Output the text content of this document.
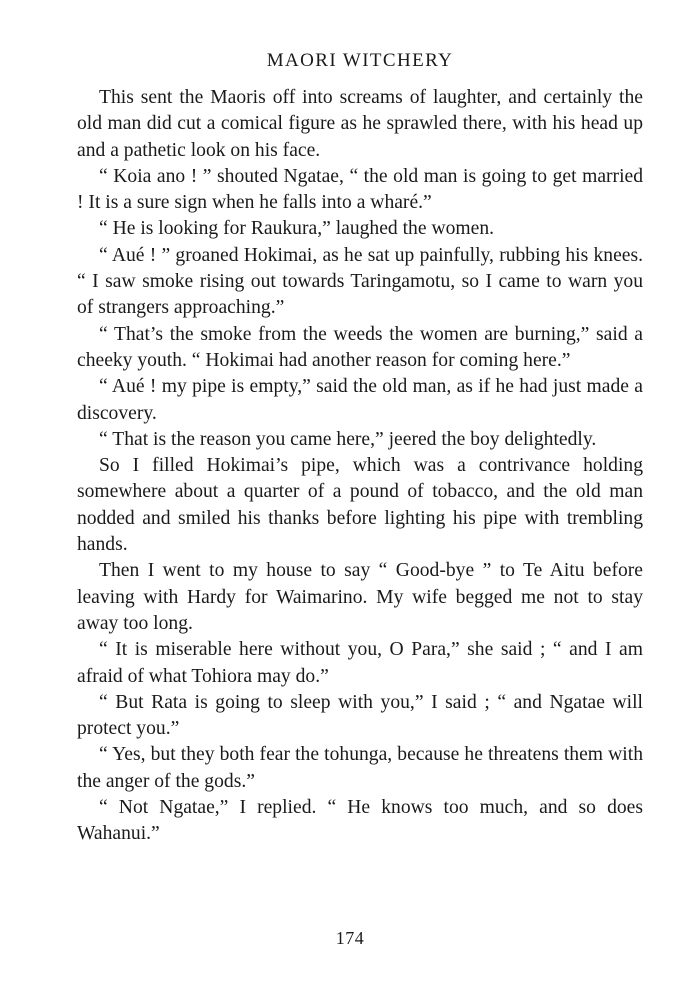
MAORI WITCHERY

This sent the Maoris off into screams of laughter, and certainly the old man did cut a comical figure as he sprawled there, with his head up and a pathetic look on his face.

“ Koia ano ! ” shouted Ngatae, “ the old man is going to get married ! It is a sure sign when he falls into a wharé.”

“ He is looking for Raukura,” laughed the women.

“ Aué ! ” groaned Hokimai, as he sat up painfully, rubbing his knees. “ I saw smoke rising out towards Taringamotu, so I came to warn you of strangers approaching.”

“ That’s the smoke from the weeds the women are burning,” said a cheeky youth. “ Hokimai had another reason for coming here.”

“ Aué ! my pipe is empty,” said the old man, as if he had just made a discovery.

“ That is the reason you came here,” jeered the boy delightedly.

So I filled Hokimai’s pipe, which was a contrivance holding somewhere about a quarter of a pound of tobacco, and the old man nodded and smiled his thanks before lighting his pipe with trembling hands.

Then I went to my house to say “ Good-bye ” to Te Aitu before leaving with Hardy for Waimarino. My wife begged me not to stay away too long.

“ It is miserable here without you, O Para,” she said ; “ and I am afraid of what Tohiora may do.”

“ But Rata is going to sleep with you,” I said ; “ and Ngatae will protect you.”

“ Yes, but they both fear the tohunga, because he threatens them with the anger of the gods.”

“ Not Ngatae,” I replied. “ He knows too much, and so does Wahanui.”

174
